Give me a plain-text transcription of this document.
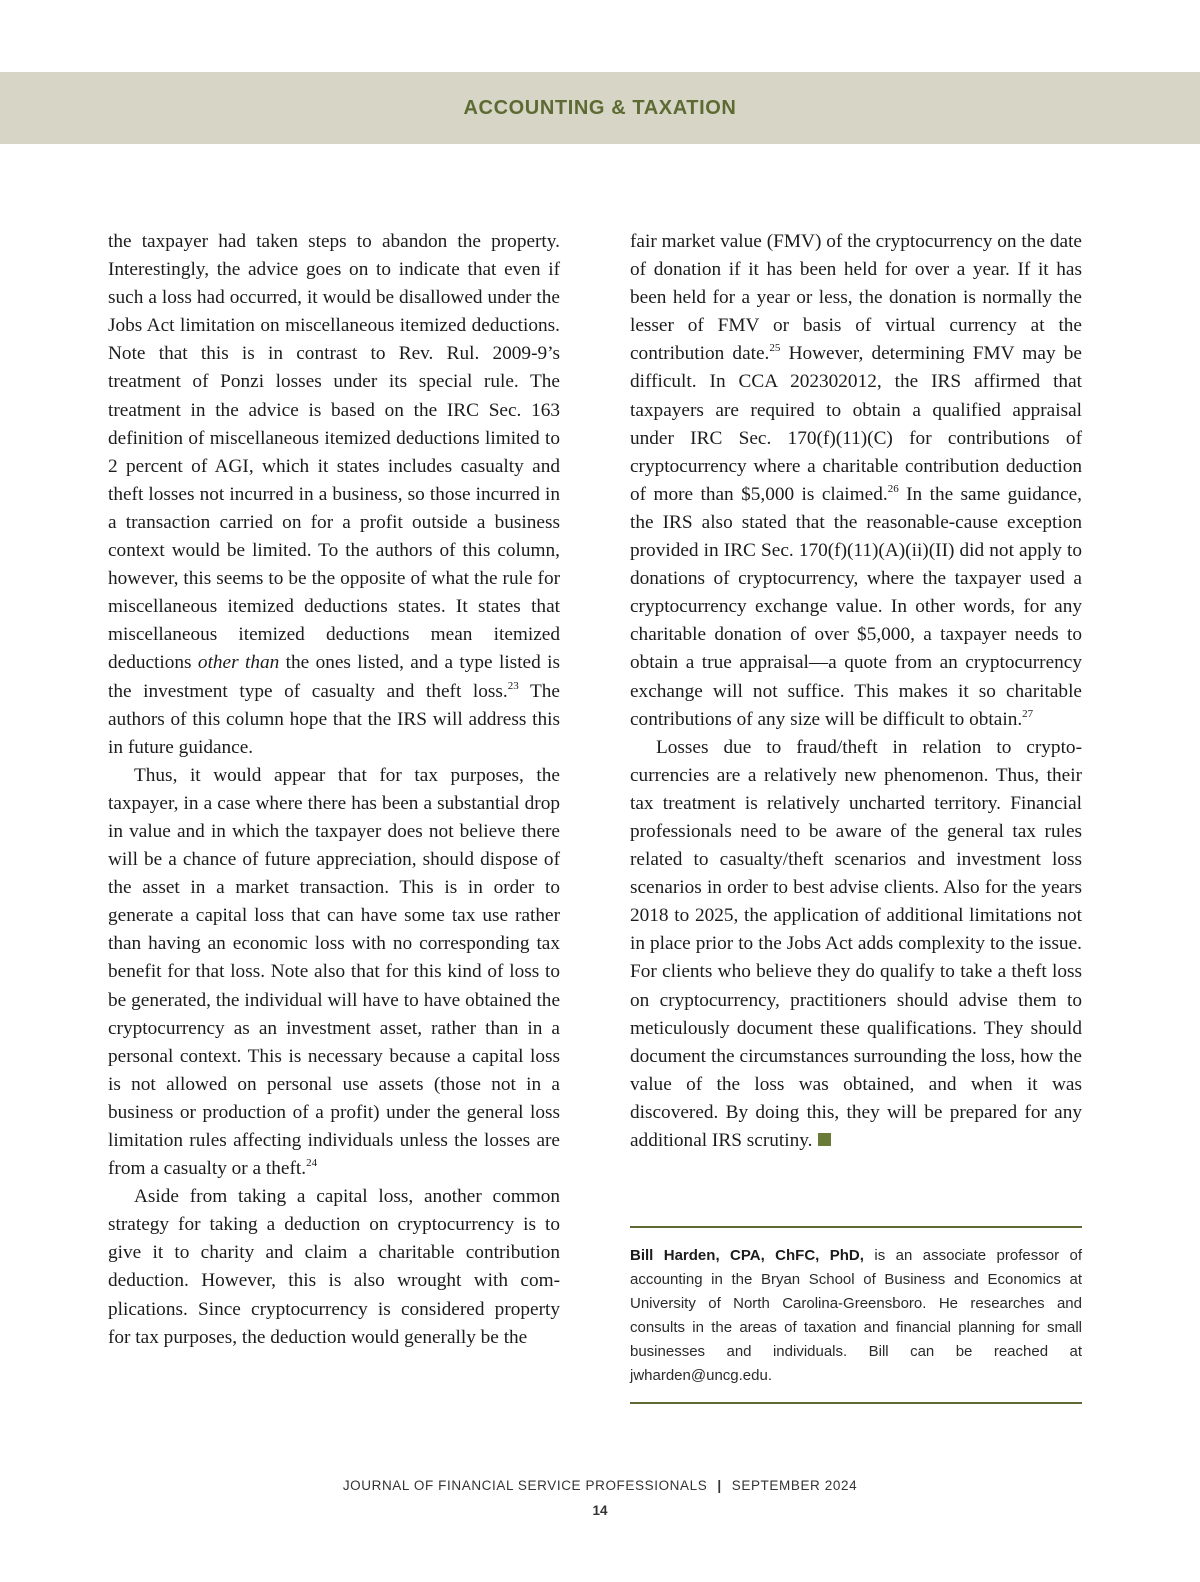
ACCOUNTING & TAXATION

the taxpayer had taken steps to abandon the property. Interestingly, the advice goes on to indicate that even if such a loss had occurred, it would be disallowed under the Jobs Act limitation on miscellaneous itemized deductions. Note that this is in contrast to Rev. Rul. 2009-9’s treatment of Ponzi losses under its special rule. The treatment in the advice is based on the IRC Sec. 163 definition of miscellaneous itemized deductions limited to 2 percent of AGI, which it states includes casualty and theft losses not incurred in a business, so those incurred in a transaction carried on for a profit outside a business context would be limited. To the authors of this column, however, this seems to be the opposite of what the rule for miscellaneous itemized deductions states. It states that miscellaneous itemized deductions mean itemized deductions other than the ones listed, and a type listed is the investment type of casualty and theft loss.$^{23}$ The authors of this column hope that the IRS will address this in future guidance.

Thus, it would appear that for tax purposes, the taxpayer, in a case where there has been a substantial drop in value and in which the taxpayer does not believe there will be a chance of future appreciation, should dispose of the asset in a market transaction. This is in order to generate a capital loss that can have some tax use rather than having an economic loss with no corresponding tax benefit for that loss. Note also that for this kind of loss to be generated, the individual will have to have obtained the cryptocurrency as an investment asset, rather than in a personal context. This is necessary because a capital loss is not allowed on personal use assets (those not in a business or production of a profit) under the general loss limitation rules affecting individuals unless the losses are from a casualty or a theft.$^{24}$

Aside from taking a capital loss, another common strategy for taking a deduction on cryptocurrency is to give it to charity and claim a charitable contribution deduction. However, this is also wrought with complications. Since cryptocurrency is considered property for tax purposes, the deduction would generally be the

fair market value (FMV) of the cryptocurrency on the date of donation if it has been held for over a year. If it has been held for a year or less, the donation is normally the lesser of FMV or basis of virtual currency at the contribution date.$^{25}$ However, determining FMV may be difficult. In CCA 202302012, the IRS affirmed that taxpayers are required to obtain a qualified appraisal under IRC Sec. 170(f)(11)(C) for contributions of cryptocurrency where a charitable contribution deduction of more than $5,000 is claimed.$^{26}$ In the same guidance, the IRS also stated that the reasonable-cause exception provided in IRC Sec. 170(f)(11)(A)(ii)(II) did not apply to donations of cryptocurrency, where the taxpayer used a cryptocurrency exchange value. In other words, for any charitable donation of over $5,000, a taxpayer needs to obtain a true appraisal—a quote from an cryptocurrency exchange will not suffice. This makes it so charitable contributions of any size will be difficult to obtain.$^{27}$

Losses due to fraud/theft in relation to cryptocurrencies are a relatively new phenomenon. Thus, their tax treatment is relatively uncharted territory. Financial professionals need to be aware of the general tax rules related to casualty/theft scenarios and investment loss scenarios in order to best advise clients. Also for the years 2018 to 2025, the application of additional limitations not in place prior to the Jobs Act adds complexity to the issue. For clients who believe they do qualify to take a theft loss on cryptocurrency, practitioners should advise them to meticulously document these qualifications. They should document the circumstances surrounding the loss, how the value of the loss was obtained, and when it was discovered. By doing this, they will be prepared for any additional IRS scrutiny.

Bill Harden, CPA, ChFC, PhD, is an associate professor of accounting in the Bryan School of Business and Economics at University of North Carolina-Greensboro. He researches and consults in the areas of taxation and financial planning for small businesses and individuals. Bill can be reached at jwharden@uncg.edu.
JOURNAL OF FINANCIAL SERVICE PROFESSIONALS | SEPTEMBER 2024
14
